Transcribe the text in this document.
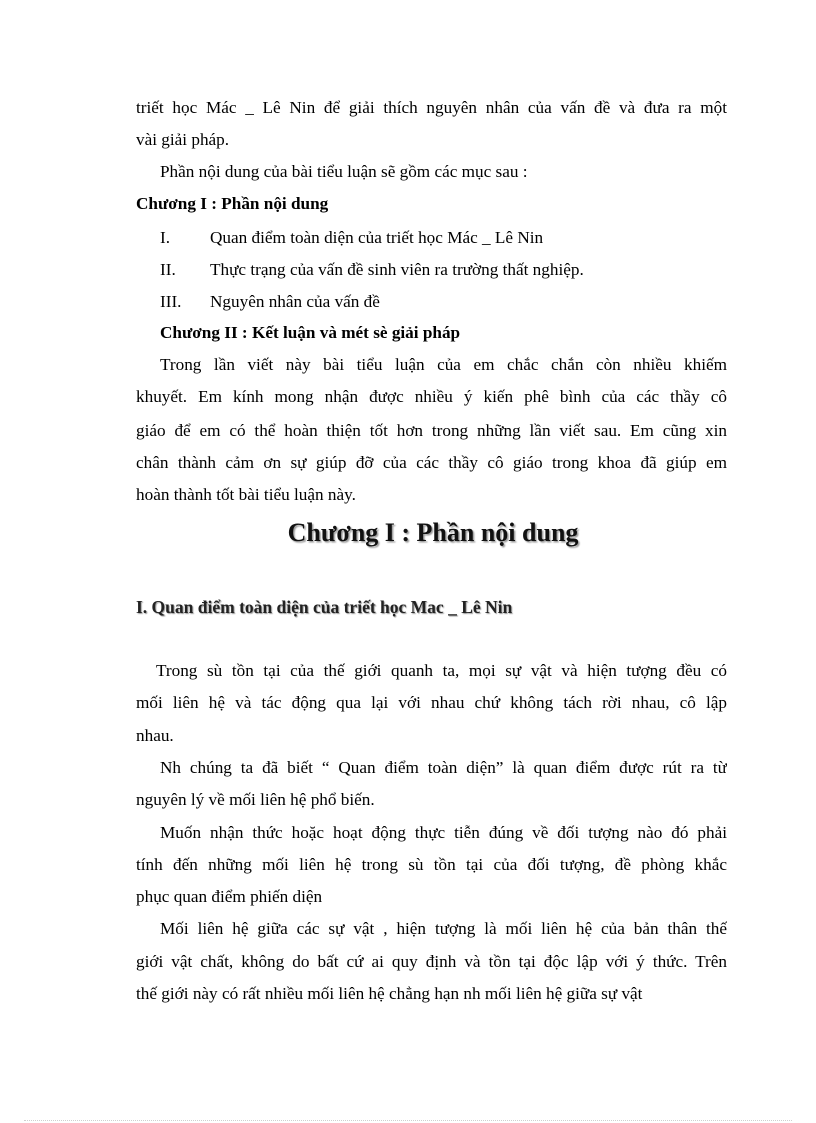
triết học Mác _ Lê Nin để giải thích nguyên nhân của vấn đề và đưa ra một
vài giải pháp.
Phần nội dung của bài tiểu luận sẽ gồm các mục sau :
Chương I : Phần nội dung
I. Quan điểm toàn diện của triết học Mác _ Lê Nin
II. Thực trạng của vấn đề sinh viên ra trường thất nghiệp.
III. Nguyên nhân của vấn đề
Chương II : Kết luận và mét sè giải pháp
Trong lần viết này bài tiểu luận của em chắc chắn còn nhiều khiếm
khuyết. Em kính mong nhận được nhiều ý kiến phê bình của các thầy cô
giáo để em có thể hoàn thiện tốt hơn trong những lần viết sau. Em cũng xin
chân thành cảm ơn sự giúp đỡ của các thầy cô giáo trong khoa đã giúp em
hoàn thành tốt bài tiểu luận này.
Chương I : Phần nội dung
I. Quan điểm toàn diện của triết học Mac _ Lê Nin
Trong sù tồn tại của thế giới quanh ta, mọi sự vật và hiện tượng đều có
mối liên hệ và tác động qua lại với nhau chứ không tách rời nhau, cô lập
nhau.
Nh chúng ta đã biết “ Quan điểm toàn diện” là quan điểm được rút ra từ
nguyên lý về mối liên hệ phổ biến.
Muốn nhận thức hoặc hoạt động thực tiễn đúng về đối tượng nào đó phải
tính đến những mối liên hệ trong sù tồn tại của đối tượng, đề phòng khắc
phục quan điểm phiến diện
Mối liên hệ giữa các sự vật , hiện tượng là mối liên hệ của bản thân thế
giới vật chất, không do bất cứ ai quy định và tồn tại độc lập với ý thức. Trên
thế giới này có rất nhiều mối liên hệ chẳng hạn nh mối liên hệ giữa sự vật
